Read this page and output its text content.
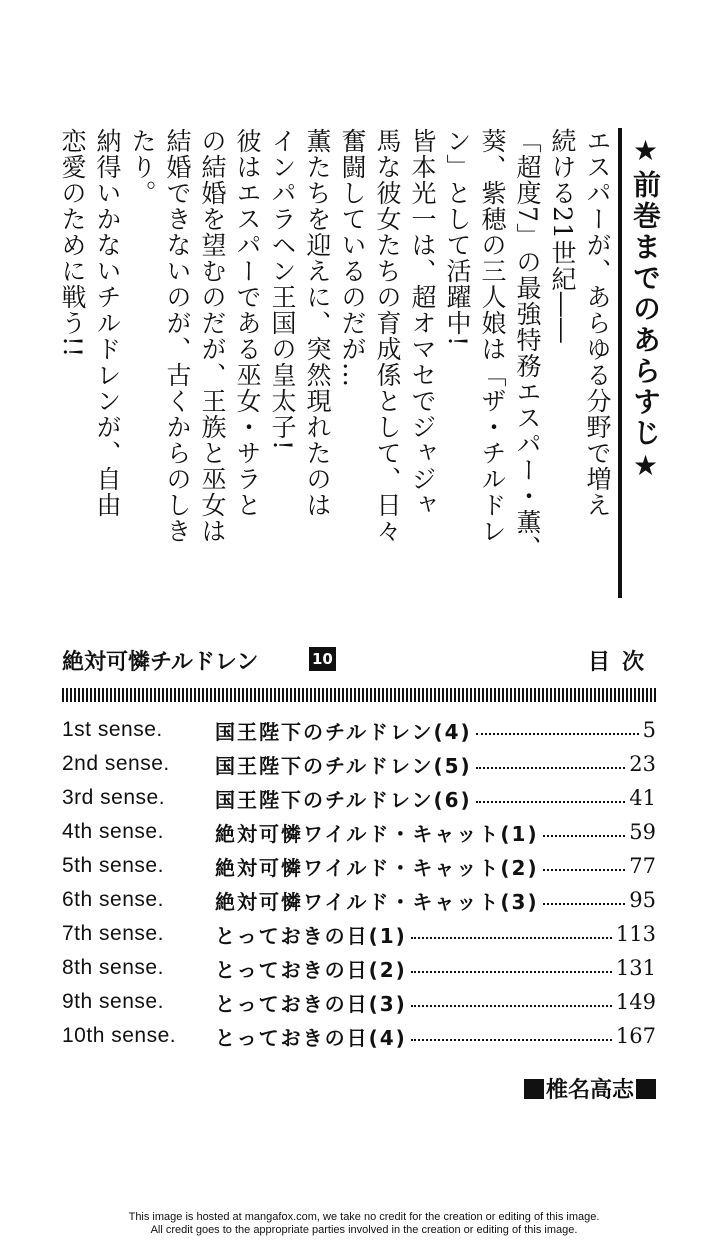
★前巻までのあらすじ★

エスパーが、あらゆる分野で増え
続ける21世紀――
「超度7」の最強特務エスパー・薫、
葵、紫穂の三人娘は「ザ・チルドレ
ン」として活躍中!
皆本光一は、超オマセでジャジャ
馬な彼女たちの育成係として、日々
奮闘しているのだが…
薫たちを迎えに、突然現れたのは
インパラヘン王国の皇太子!
彼はエスパーである巫女・サラと
の結婚を望むのだが、王族と巫女は
結婚できないのが、古くからのしき
たり。
納得いかないチルドレンが、自由
恋愛のために戦う!!

絶対可憐チルドレン	10	目次
1st sense.	国王陛下のチルドレン(4)	5
2nd sense.	国王陛下のチルドレン(5)	23
3rd sense.	国王陛下のチルドレン(6)	41
4th sense.	絶対可憐ワイルド・キャット(1)	59
5th sense.	絶対可憐ワイルド・キャット(2)	77
6th sense.	絶対可憐ワイルド・キャット(3)	95
7th sense.	とっておきの日(1)	113
8th sense.	とっておきの日(2)	131
9th sense.	とっておきの日(3)	149
10th sense.	とっておきの日(4)	167
椎名高志
This image is hosted at mangafox.com, we take no credit for the creation or editing of this image.
All credit goes to the appropriate parties involved in the creation or editing of this image.
